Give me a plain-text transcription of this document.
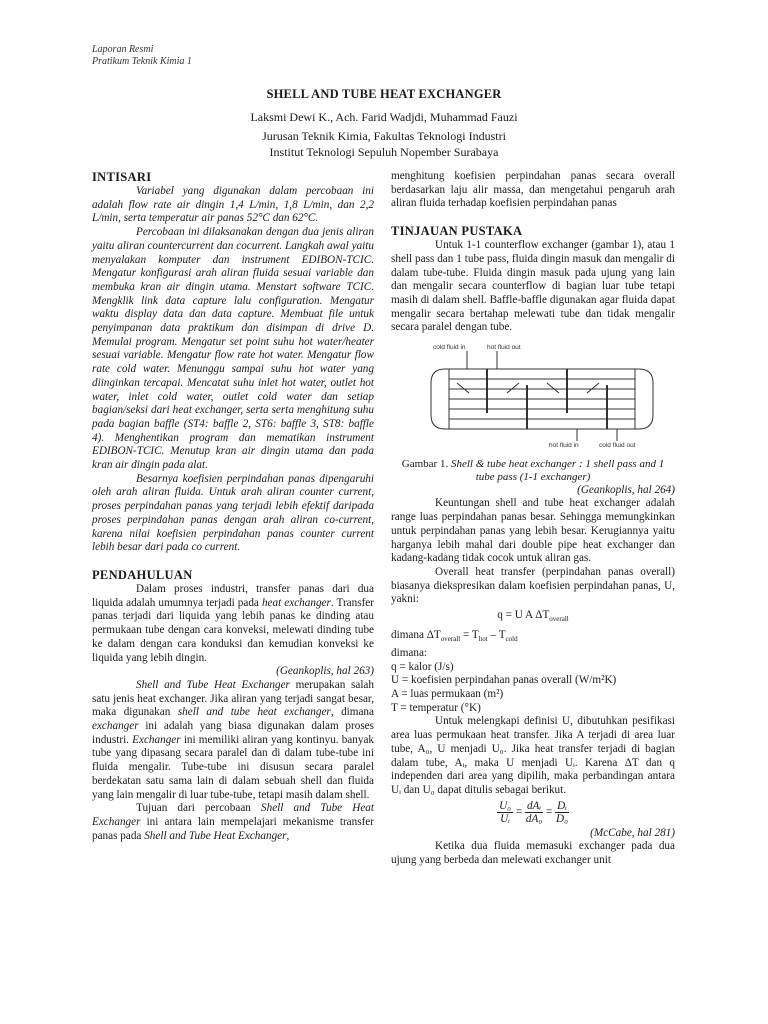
Laporan Resmi
Pratikum Teknik Kimia 1
SHELL AND TUBE HEAT EXCHANGER
Laksmi Dewi K., Ach. Farid Wadjdi, Muhammad Fauzi
Jurusan Teknik Kimia, Fakultas Teknologi Industri
Institut Teknologi Sepuluh Nopember Surabaya
INTISARI

Variabel yang digunakan dalam percobaan ini adalah flow rate air dingin 1,4 L/min, 1,8 L/min, dan 2,2 L/min, serta temperatur air panas 52°C dan 62°C.

Percobaan ini dilaksanakan dengan dua jenis aliran yaitu aliran countercurrent dan cocurrent. Langkah awal yaitu menyalakan komputer dan instrument EDIBON-TCIC. Mengatur konfigurasi arah aliran fluida sesuai variable dan membuka kran air dingin utama. Menstart software TCIC. Mengklik link data capture lalu configuration. Mengatur waktu display data dan data capture. Membuat file untuk penyimpanan data praktikum dan disimpan di drive D. Memulai program. Mengatur set point suhu hot water/heater sesuai variable. Mengatur flow rate hot water. Mengatur flow rate cold water. Menunggu sampai suhu hot water yang diinginkan tercapai. Mencatat suhu inlet hot water, outlet hot water, inlet cold water, outlet cold water dan setiap bagian/seksi dari heat exchanger, serta serta menghitung suhu pada bagian baffle (ST4: baffle 2, ST6: baffle 3, ST8: baffle 4). Menghentikan program dan mematikan instrument EDIBON-TCIC. Menutup kran air dingin utama dan pada kran air dingin pada alat.

Besarnya koefisien perpindahan panas dipengaruhi oleh arah aliran fluida. Untuk arah aliran counter current, proses perpindahan panas yang terjadi lebih efektif daripada proses perpindahan panas dengan arah aliran co-current, karena nilai koefisien perpindahan panas counter current lebih besar dari pada co current.

PENDAHULUAN

Dalam proses industri, transfer panas dari dua liquida adalah umumnya terjadi pada heat exchanger. Transfer panas terjadi dari liquida yang lebih panas ke dinding atau permukaan tube dengan cara konveksi, melewati dinding tube ke dalam dengan cara konduksi dan kemudian konveksi ke liquida yang lebih dingin.

(Geankoplis, hal 263)

Shell and Tube Heat Exchanger merupakan salah satu jenis heat exchanger. Jika aliran yang terjadi sangat besar, maka digunakan shell and tube heat exchanger, dimana exchanger ini adalah yang biasa digunakan dalam proses industri. Exchanger ini memiliki aliran yang kontinyu. banyak tube yang dipasang secara paralel dan di dalam tube-tube ini fluida mengalir. Tube-tube ini disusun secara paralel berdekatan satu sama lain di dalam sebuah shell dan fluida yang lain mengalir di luar tube-tube, tetapi masih dalam shell.

Tujuan dari percobaan Shell and Tube Heat Exchanger ini antara lain mempelajari mekanisme transfer panas pada Shell and Tube Heat Exchanger,

menghitung koefisien perpindahan panas secara overall berdasarkan laju alir massa, dan mengetahui pengaruh arah aliran fluida terhadap koefisien perpindahan panas

TINJAUAN PUSTAKA

Untuk 1-1 counterflow exchanger (gambar 1), atau 1 shell pass dan 1 tube pass, fluida dingin masuk dan mengalir di dalam tube-tube. Fluida dingin masuk pada ujung yang lain dan mengalir secara counterflow di bagian luar tube tetapi masih di dalam shell. Baffle-baffle digunakan agar fluida dapat mengalir secara bertahap melewati tube dan tidak mengalir secara paralel dengan tube.

cold fluid in	hot fluid out
hot fluid in	cold fluid out

Gambar 1. Shell & tube heat exchanger : 1 shell pass and 1 tube pass (1-1 exchanger)

(Geankoplis, hal 264)

Keuntungan shell and tube heat exchanger adalah range luas perpindahan panas besar. Sehingga memungkinkan untuk perpindahan panas yang lebih besar. Kerugiannya yaitu harganya lebih mahal dari double pipe heat exchanger dan kadang-kadang tidak cocok untuk aliran gas.

Overall heat transfer (perpindahan panas overall) biasanya diekspresikan dalam koefisien perpindahan panas, U, yakni:

q = U A $\Delta T_{overall}$

dimana $\Delta T_{overall} = T_{hot} - T_{cold}$

dimana:

q = kalor (J/s)

U = koefisien perpindahan panas overall (W/m²K)

A = luas permukaan (m²)

T = temperatur (°K)

Untuk melengkapi definisi U, dibutuhkan pesifikasi area luas permukaan heat transfer. Jika A terjadi di area luar tube, A₀, U menjadi U₀. Jika heat transfer terjadi di bagian dalam tube, Aᵢ, maka U menjadi Uᵢ. Karena ΔT dan q independen dari area yang dipilih, maka perbandingan antara Uᵢ dan U₀ dapat ditulis sebagai berikut.

$\frac{\text{U₀}}{\text{Uᵢ}} = \frac{\text{dAᵢ}}{\text{dA₀}} = \frac{\text{Dᵢ}}{\text{D₀}}$

(McCabe, hal 281)

Ketika dua fluida memasuki exchanger pada dua ujung yang berbeda dan melewati exchanger unit
